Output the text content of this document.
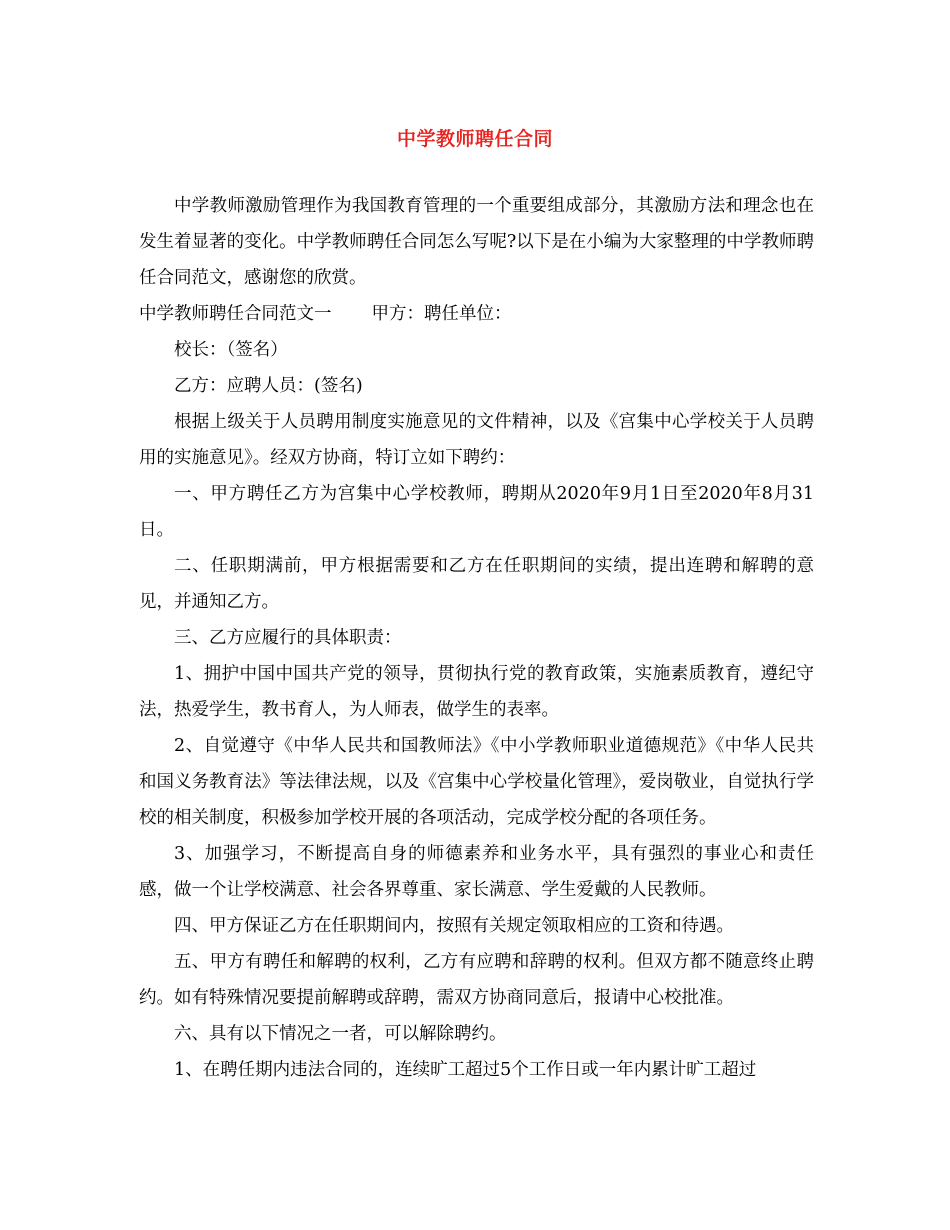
中学教师聘任合同

中学教师激励管理作为我国教育管理的一个重要组成部分，其激励方法和理念也在发生着显著的变化。中学教师聘任合同怎么写呢?以下是在小编为大家整理的中学教师聘任合同范文，感谢您的欣赏。

中学教师聘任合同范文一 甲方：聘任单位：

校长：（签名）

乙方：应聘人员：(签名)

根据上级关于人员聘用制度实施意见的文件精神，以及《宫集中心学校关于人员聘用的实施意见》。经双方协商，特订立如下聘约：

一、甲方聘任乙方为宫集中心学校教师，聘期从2020年9月1日至2020年8月31日。

二、任职期满前，甲方根据需要和乙方在任职期间的实绩，提出连聘和解聘的意见，并通知乙方。

三、乙方应履行的具体职责：

1、拥护中国中国共产党的领导，贯彻执行党的教育政策，实施素质教育，遵纪守法，热爱学生，教书育人，为人师表，做学生的表率。

2、自觉遵守《中华人民共和国教师法》《中小学教师职业道德规范》《中华人民共和国义务教育法》等法律法规，以及《宫集中心学校量化管理》，爱岗敬业，自觉执行学校的相关制度，积极参加学校开展的各项活动，完成学校分配的各项任务。

3、加强学习，不断提高自身的师德素养和业务水平，具有强烈的事业心和责任感，做一个让学校满意、社会各界尊重、家长满意、学生爱戴的人民教师。

四、甲方保证乙方在任职期间内，按照有关规定领取相应的工资和待遇。

五、甲方有聘任和解聘的权利，乙方有应聘和辞聘的权利。但双方都不随意终止聘约。如有特殊情况要提前解聘或辞聘，需双方协商同意后，报请中心校批准。

六、具有以下情况之一者，可以解除聘约。

1、在聘任期内违法合同的，连续旷工超过5个工作日或一年内累计旷工超过
